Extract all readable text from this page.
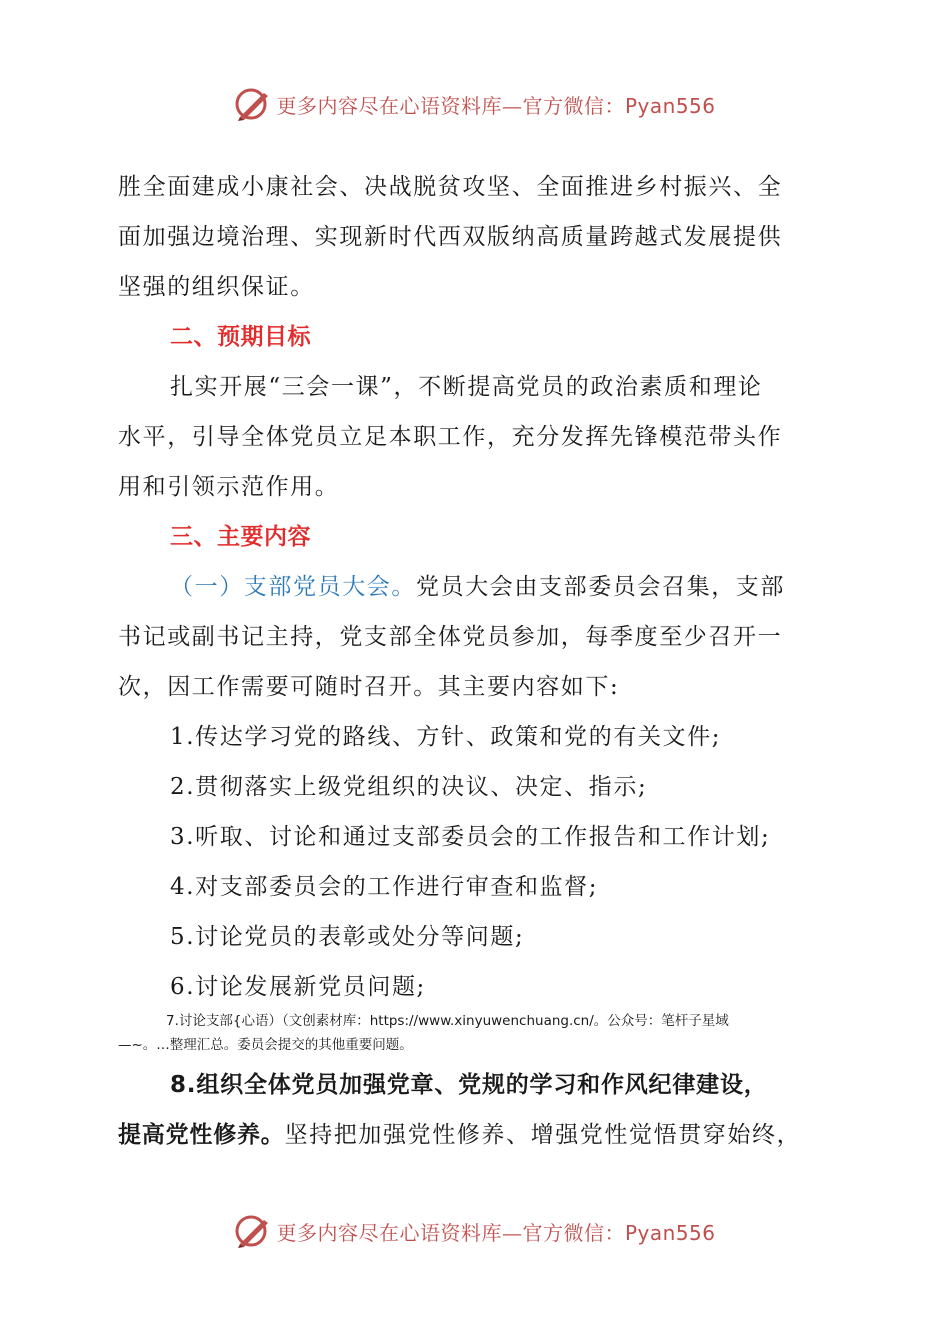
更多内容尽在心语资料库—官方微信：Pyan556
胜全面建成小康社会、决战脱贫攻坚、全面推进乡村振兴、全
面加强边境治理、实现新时代西双版纳高质量跨越式发展提供
坚强的组织保证。
二、预期目标
扎实开展“三会一课”，不断提高党员的政治素质和理论
水平，引导全体党员立足本职工作，充分发挥先锋模范带头作
用和引领示范作用。
三、主要内容
（一）支部党员大会。党员大会由支部委员会召集，支部
书记或副书记主持，党支部全体党员参加，每季度至少召开一
次，因工作需要可随时召开。其主要内容如下:
1.传达学习党的路线、方针、政策和党的有关文件;
2.贯彻落实上级党组织的决议、决定、指示;
3.听取、讨论和通过支部委员会的工作报告和工作计划;
4.对支部委员会的工作进行审查和监督;
5.讨论党员的表彰或处分等问题;
6.讨论发展新党员问题;
7.讨论支部{心语）（文创素材库：https://www.xinyuwenchuang.cn/。公众号：笔杆子星域
—~。…整理汇总。委员会提交的其他重要问题。
8.组织全体党员加强党章、党规的学习和作风纪律建设，
提高党性修养。坚持把加强党性修养、增强党性觉悟贯穿始终，
更多内容尽在心语资料库—官方微信：Pyan556
